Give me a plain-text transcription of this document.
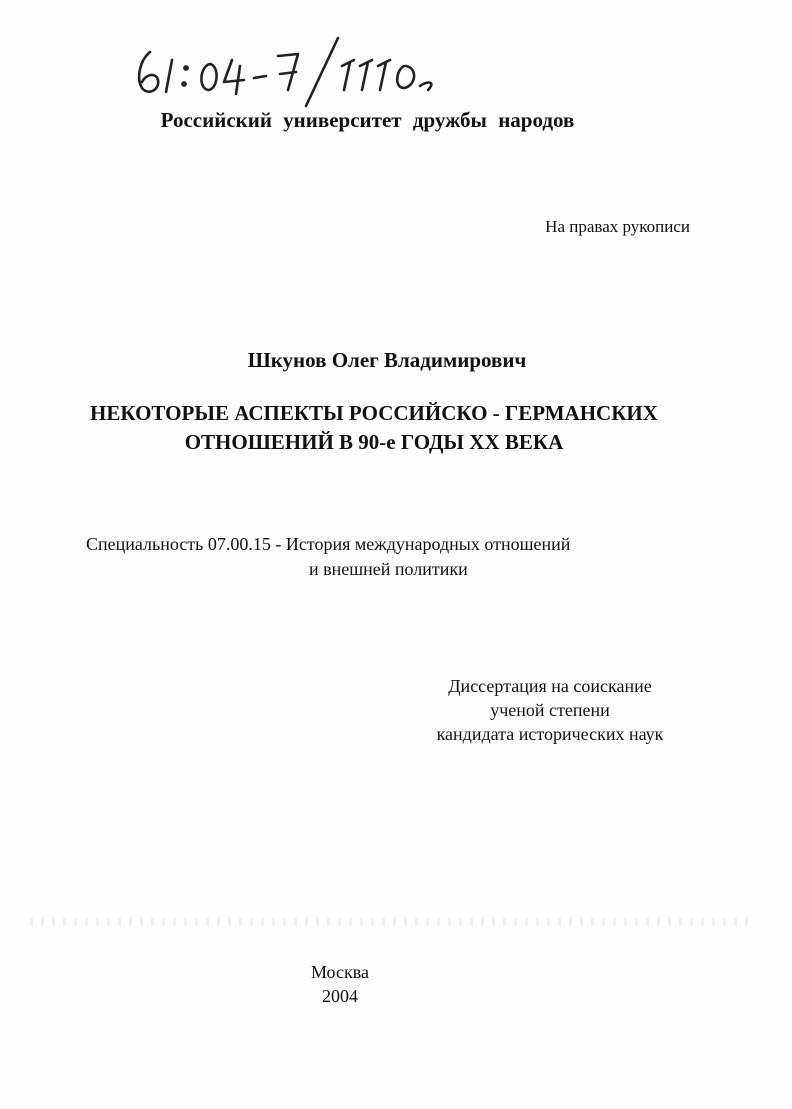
Российский университет дружбы народов

На правах рукописи

Шкунов Олег Владимирович

НЕКОТОРЫЕ АСПЕКТЫ РОССИЙСКО - ГЕРМАНСКИХ
ОТНОШЕНИЙ В 90-е ГОДЫ XX ВЕКА
Специальность 07.00.15 - История международных отношений
и внешней политики
Диссертация на соискание
ученой степени
кандидата исторических наук
Москва
2004
